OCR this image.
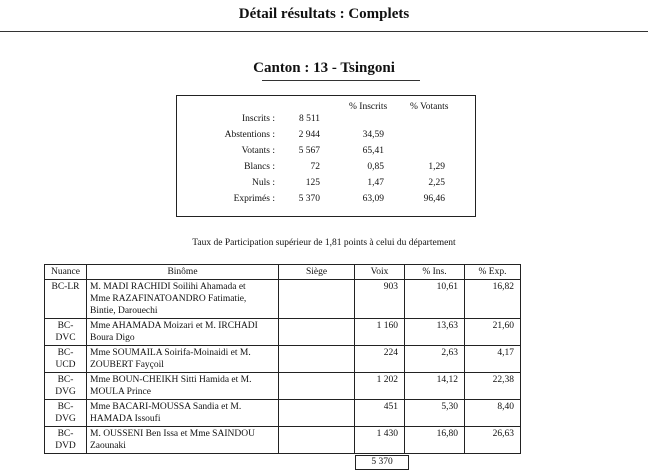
Détail résultats : Complets
Canton : 13 - Tsingoni
% Inscrits % Votants
Inscrits :	8 511
Abstentions :	2 944	34,59
Votants :	5 567	65,41
Blancs :	72	0,85	1,29
Nuls :	125	1,47	2,25
Exprimés :	5 370	63,09	96,46
Taux de Participation supérieur de 1,81 points à celui du département
Nuance	Binôme	Siège	Voix	% Ins.	% Exp.
BC-LR	M. MADI RACHIDI Soilihi Ahamada et
Mme RAZAFINATOANDRO Fatimatie,
Bintie, Darouechi		903	10,61	16,82
BC-DVC	Mme AHAMADA Moizari et M. IRCHADI
Boura Digo		1 160	13,63	21,60
BC-UCD	Mme SOUMAILA Soirifa-Moinaidi et M.
ZOUBERT Fayçoil		224	2,63	4,17
BC-DVG	Mme BOUN-CHEIKH Sitti Hamida et M.
MOULA Prince		1 202	14,12	22,38
BC-DVG	Mme BACARI-MOUSSA Sandia et M.
HAMADA Issoufi		451	5,30	8,40
BC-DVD	M. OUSSENI Ben Issa et Mme SAINDOU
Zaounaki		1 430	16,80	26,63
5 370
